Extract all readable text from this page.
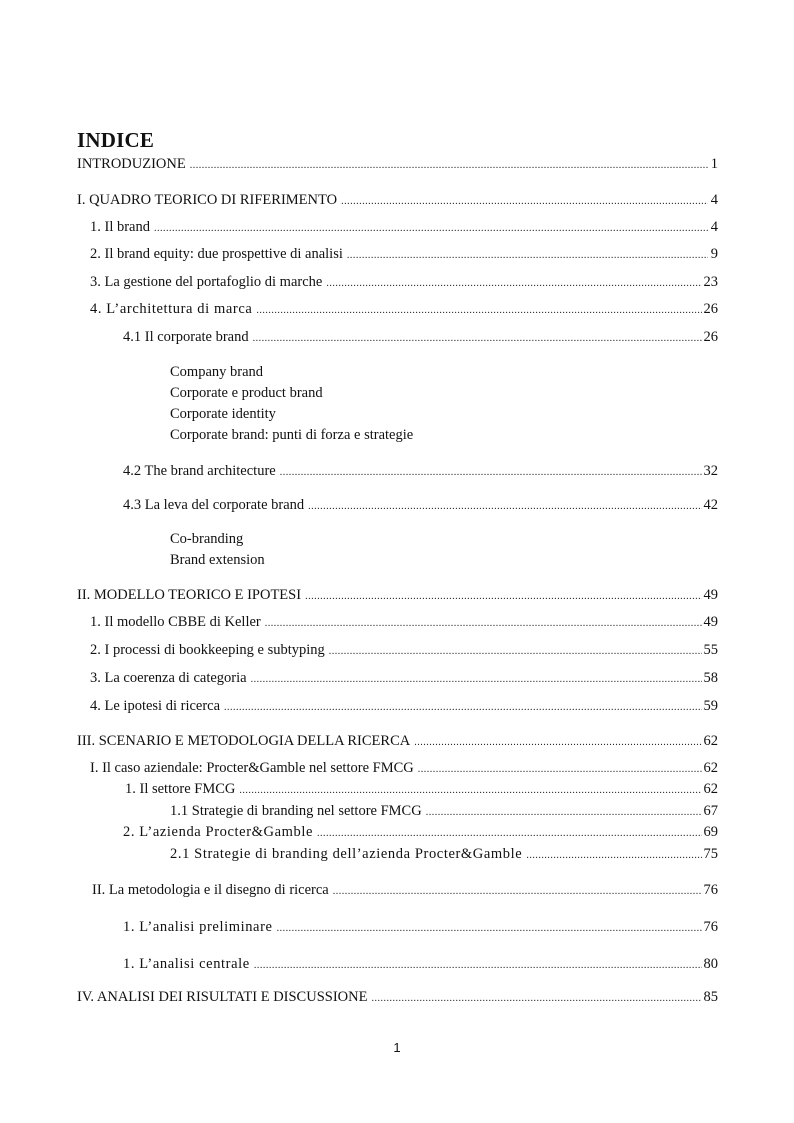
INDICE
INTRODUZIONE .....	1
I. QUADRO TEORICO DI RIFERIMENTO .....	4
1. Il brand .....	4
2. Il brand equity: due prospettive di analisi .....	9
3. La gestione del portafoglio di marche .....	23
4. L’architettura di marca .....	26
4.1 Il corporate brand .....	26
Company brand
Corporate e product brand
Corporate identity
Corporate brand: punti di forza e strategie
4.2 The brand architecture .....	32
4.3 La leva del corporate brand .....	42
Co-branding
Brand extension
II. MODELLO TEORICO E IPOTESI .....	49
1. Il modello CBBE di Keller .....	49
2. I processi di bookkeeping e subtyping .....	55
3. La coerenza di categoria .....	58
4. Le ipotesi di ricerca .....	59
III. SCENARIO E METODOLOGIA DELLA RICERCA .....	62
I. Il caso aziendale: Procter&Gamble nel settore FMCG .....	62
1. Il settore FMCG .....	62
1.1 Strategie di branding nel settore FMCG .....	67
2. L’azienda Procter&Gamble .....	69
2.1 Strategie di branding dell’azienda Procter&Gamble .....	75
II. La metodologia e il disegno di ricerca .....	76
1. L’analisi preliminare .....	76
1. L’analisi centrale .....	80
IV. ANALISI DEI RISULTATI E DISCUSSIONE .....	85
1
